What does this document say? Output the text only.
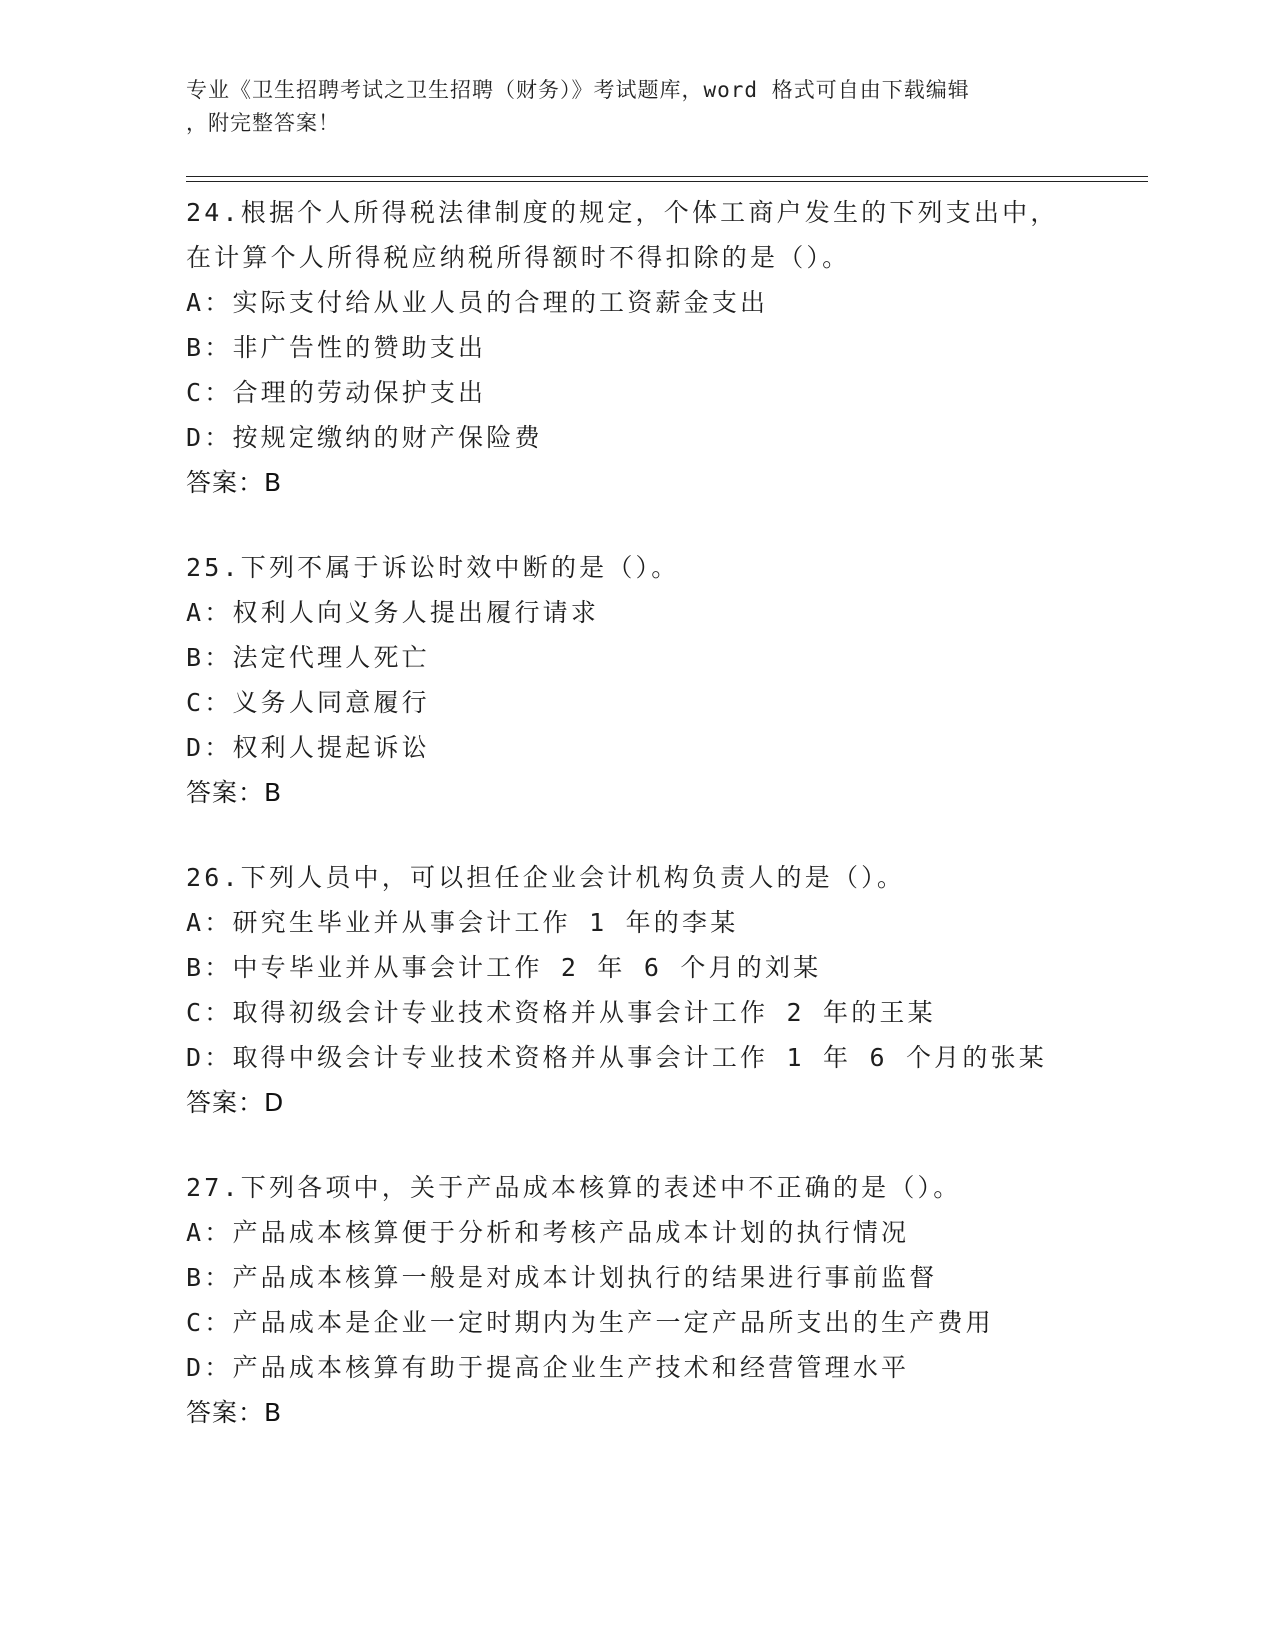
专业《卫生招聘考试之卫生招聘（财务）》考试题库，word 格式可自由下载编辑
，附完整答案！
24.根据个人所得税法律制度的规定，个体工商户发生的下列支出中，
在计算个人所得税应纳税所得额时不得扣除的是（）。
A：实际支付给从业人员的合理的工资薪金支出
B：非广告性的赞助支出
C：合理的劳动保护支出
D：按规定缴纳的财产保险费
答案：B
25.下列不属于诉讼时效中断的是（）。
A：权利人向义务人提出履行请求
B：法定代理人死亡
C：义务人同意履行
D：权利人提起诉讼
答案：B
26.下列人员中，可以担任企业会计机构负责人的是（）。
A：研究生毕业并从事会计工作 1 年的李某
B：中专毕业并从事会计工作 2 年 6 个月的刘某
C：取得初级会计专业技术资格并从事会计工作 2 年的王某
D：取得中级会计专业技术资格并从事会计工作 1 年 6 个月的张某
答案：D
27.下列各项中，关于产品成本核算的表述中不正确的是（）。
A：产品成本核算便于分析和考核产品成本计划的执行情况
B：产品成本核算一般是对成本计划执行的结果进行事前监督
C：产品成本是企业一定时期内为生产一定产品所支出的生产费用
D：产品成本核算有助于提高企业生产技术和经营管理水平
答案：B
